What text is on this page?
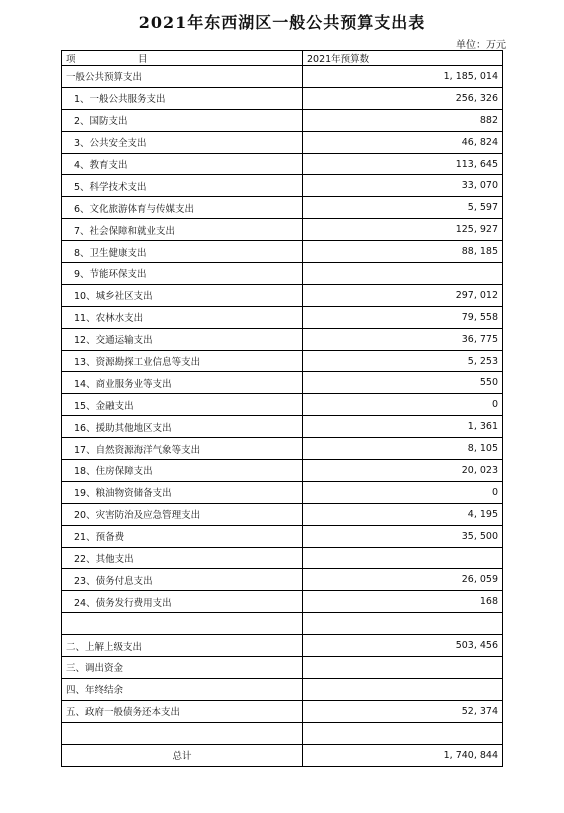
2021年东西湖区一般公共预算支出表
单位：万元
项 目	2021年预算数
一般公共预算支出	1, 185, 014
1、一般公共服务支出	256, 326
2、国防支出	882
3、公共安全支出	46, 824
4、教育支出	113, 645
5、科学技术支出	33, 070
6、文化旅游体育与传媒支出	5, 597
7、社会保障和就业支出	125, 927
8、卫生健康支出	88, 185
9、节能环保支出	
10、城乡社区支出	297, 012
11、农林水支出	79, 558
12、交通运输支出	36, 775
13、资源勘探工业信息等支出	5, 253
14、商业服务业等支出	550
15、金融支出	0
16、援助其他地区支出	1, 361
17、自然资源海洋气象等支出	8, 105
18、住房保障支出	20, 023
19、粮油物资储备支出	0
20、灾害防治及应急管理支出	4, 195
21、预备费	35, 500
22、其他支出	
23、债务付息支出	26, 059
24、债务发行费用支出	168

二、上解上级支出	503, 456
三、调出资金	
四、年终结余	
五、政府一般债务还本支出	52, 374

总计	1, 740, 844
